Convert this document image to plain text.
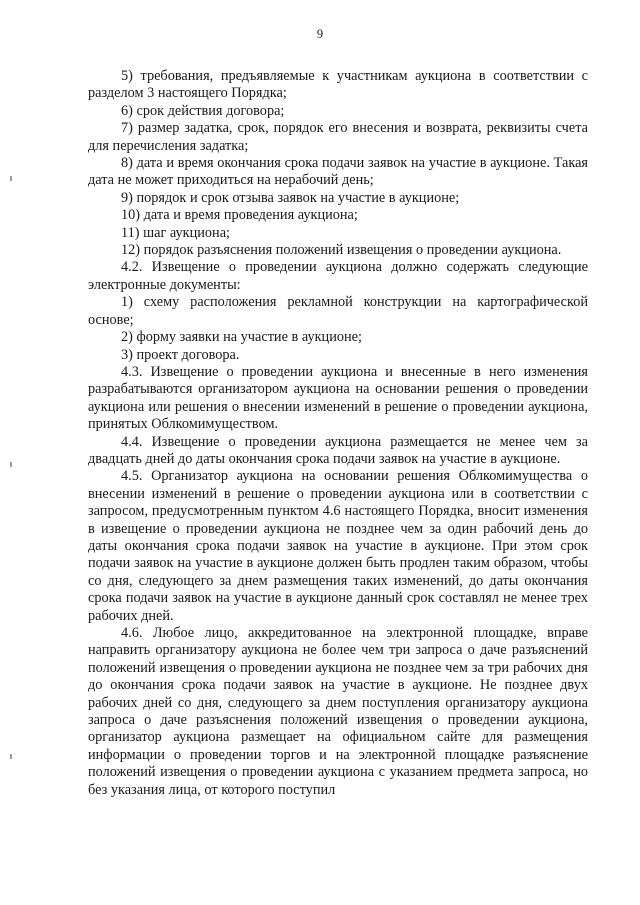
9

5) требования, предъявляемые к участникам аукциона в соответствии с разделом 3 настоящего Порядка;

6) срок действия договора;

7) размер задатка, срок, порядок его внесения и возврата, реквизиты счета для перечисления задатка;

8) дата и время окончания срока подачи заявок на участие в аукционе. Такая дата не может приходиться на нерабочий день;

9) порядок и срок отзыва заявок на участие в аукционе;

10) дата и время проведения аукциона;

11) шаг аукциона;

12) порядок разъяснения положений извещения о проведении аукциона.

4.2. Извещение о проведении аукциона должно содержать следующие электронные документы:

1) схему расположения рекламной конструкции на картографической основе;

2) форму заявки на участие в аукционе;

3) проект договора.

4.3. Извещение о проведении аукциона и внесенные в него изменения разрабатываются организатором аукциона на основании решения о проведении аукциона или решения о внесении изменений в решение о проведении аукциона, принятых Облкомимуществом.

4.4. Извещение о проведении аукциона размещается не менее чем за двадцать дней до даты окончания срока подачи заявок на участие в аукционе.

4.5. Организатор аукциона на основании решения Облкомимущества о внесении изменений в решение о проведении аукциона или в соответствии с запросом, предусмотренным пунктом 4.6 настоящего Порядка, вносит изменения в извещение о проведении аукциона не позднее чем за один рабочий день до даты окончания срока подачи заявок на участие в аукционе. При этом срок подачи заявок на участие в аукционе должен быть продлен таким образом, чтобы со дня, следующего за днем размещения таких изменений, до даты окончания срока подачи заявок на участие в аукционе данный срок составлял не менее трех рабочих дней.

4.6. Любое лицо, аккредитованное на электронной площадке, вправе направить организатору аукциона не более чем три запроса о даче разъяснений положений извещения о проведении аукциона не позднее чем за три рабочих дня до окончания срока подачи заявок на участие в аукционе. Не позднее двух рабочих дней со дня, следующего за днем поступления организатору аукциона запроса о даче разъяснения положений извещения о проведении аукциона, организатор аукциона размещает на официальном сайте для размещения информации о проведении торгов и на электронной площадке разъяснение положений извещения о проведении аукциона с указанием предмета запроса, но без указания лица, от которого поступил
